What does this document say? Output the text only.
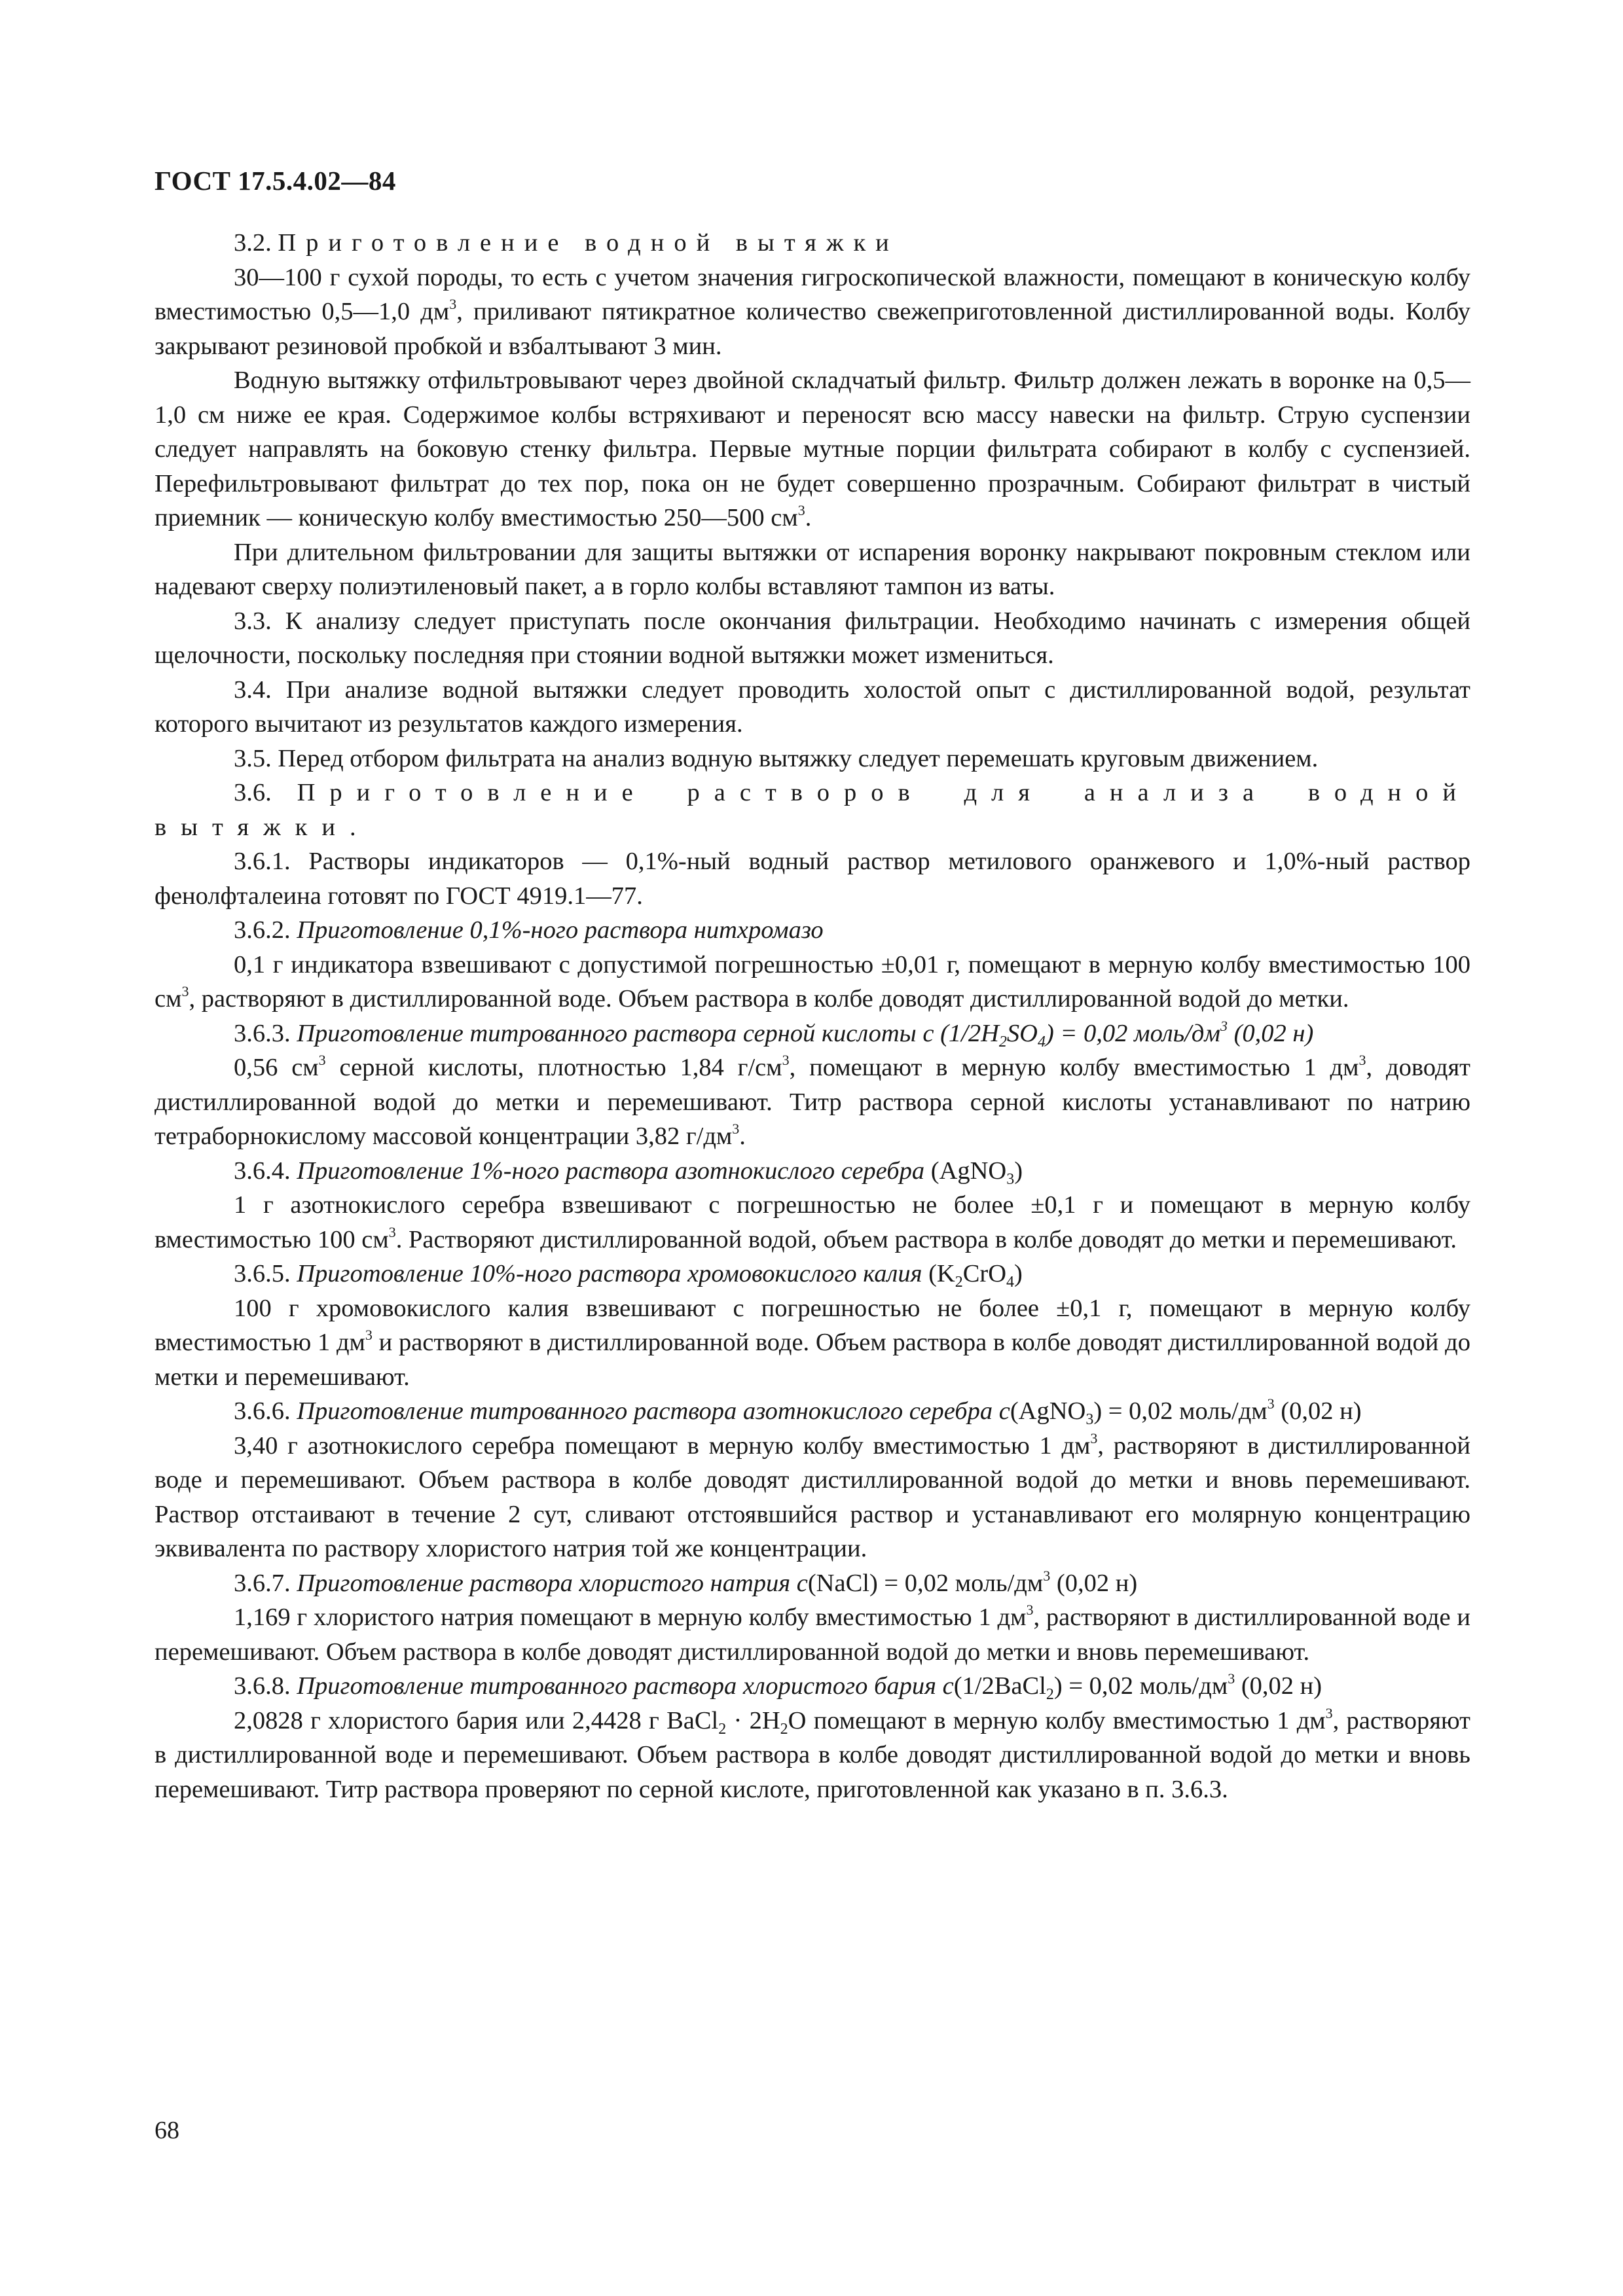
ГОСТ 17.5.4.02—84

3.2. Приготовление водной вытяжки

30—100 г сухой породы, то есть с учетом значения гигроскопической влажности, помещают в коническую колбу вместимостью 0,5—1,0 $дм^3$, приливают пятикратное количество свежеприготовленной дистиллированной воды. Колбу закрывают резиновой пробкой и взбалтывают 3 мин.

Водную вытяжку отфильтровывают через двойной складчатый фильтр. Фильтр должен лежать в воронке на 0,5—1,0 см ниже ее края. Содержимое колбы встряхивают и переносят всю массу навески на фильтр. Струю суспензии следует направлять на боковую стенку фильтра. Первые мутные порции фильтрата собирают в колбу с суспензией. Перефильтровывают фильтрат до тех пор, пока он не будет совершенно прозрачным. Собирают фильтрат в чистый приемник — коническую колбу вместимостью 250—500 $см^3$.

При длительном фильтровании для защиты вытяжки от испарения воронку накрывают покровным стеклом или надевают сверху полиэтиленовый пакет, а в горло колбы вставляют тампон из ваты.

3.3. К анализу следует приступать после окончания фильтрации. Необходимо начинать с измерения общей щелочности, поскольку последняя при стоянии водной вытяжки может измениться.

3.4. При анализе водной вытяжки следует проводить холостой опыт с дистиллированной водой, результат которого вычитают из результатов каждого измерения.

3.5. Перед отбором фильтрата на анализ водную вытяжку следует перемешать круговым движением.

3.6. Приготовление растворов для анализа водной вытяжки.

3.6.1. Растворы индикаторов — 0,1%-ный водный раствор метилового оранжевого и 1,0%-ный раствор фенолфталеина готовят по ГОСТ 4919.1—77.

3.6.2. Приготовление 0,1%-ного раствора нитхромазо

0,1 г индикатора взвешивают с допустимой погрешностью ±0,01 г, помещают в мерную колбу вместимостью 100 $см^3$, растворяют в дистиллированной воде. Объем раствора в колбе доводят дистиллированной водой до метки.

3.6.3. Приготовление титрованного раствора серной кислоты с $(1/2H_2SO_4) = 0,02$ моль/$дм^3$ (0,02 н)

0,56 $см^3$ серной кислоты, плотностью 1,84 $г/см^3$, помещают в мерную колбу вместимостью 1 $дм^3$, доводят дистиллированной водой до метки и перемешивают. Титр раствора серной кислоты устанавливают по натрию тетраборнокислому массовой концентрации 3,82 $г/дм^3$.

3.6.4. Приготовление 1%-ного раствора азотнокислого серебра (AgNO$_3$)

1 г азотнокислого серебра взвешивают с погрешностью не более ±0,1 г и помещают в мерную колбу вместимостью 100 $см^3$. Растворяют дистиллированной водой, объем раствора в колбе доводят до метки и перемешивают.

3.6.5. Приготовление 10%-ного раствора хромовокислого калия $(K_2CrO_4)$

100 г хромовокислого калия взвешивают с погрешностью не более ±0,1 г, помещают в мерную колбу вместимостью 1 $дм^3$ и растворяют в дистиллированной воде. Объем раствора в колбе доводят дистиллированной водой до метки и перемешивают.

3.6.6. Приготовление титрованного раствора азотнокислого серебра c(AgNO$_3$) = 0,02 моль/$дм^3$ (0,02 н)

3,40 г азотнокислого серебра помещают в мерную колбу вместимостью 1 $дм^3$, растворяют в дистиллированной воде и перемешивают. Объем раствора в колбе доводят дистиллированной водой до метки и вновь перемешивают. Раствор отстаивают в течение 2 сут, сливают отстоявшийся раствор и устанавливают его молярную концентрацию эквивалента по раствору хлористого натрия той же концентрации.

3.6.7. Приготовление раствора хлористого натрия c(NaCl) = 0,02 моль/$дм^3$ (0,02 н)

1,169 г хлористого натрия помещают в мерную колбу вместимостью 1 $дм^3$, растворяют в дистиллированной воде и перемешивают. Объем раствора в колбе доводят дистиллированной водой до метки и вновь перемешивают.

3.6.8. Приготовление титрованного раствора хлористого бария c(1/2BaCl$_2$) = 0,02 моль/$дм^3$ (0,02 н)

2,0828 г хлористого бария или 2,4428 г BaCl$_2$ · $2H_2O$ помещают в мерную колбу вместимостью 1 $дм^3$, растворяют в дистиллированной воде и перемешивают. Объем раствора в колбе доводят дистиллированной водой до метки и вновь перемешивают. Титр раствора проверяют по серной кислоте, приготовленной как указано в п. 3.6.3.

68
